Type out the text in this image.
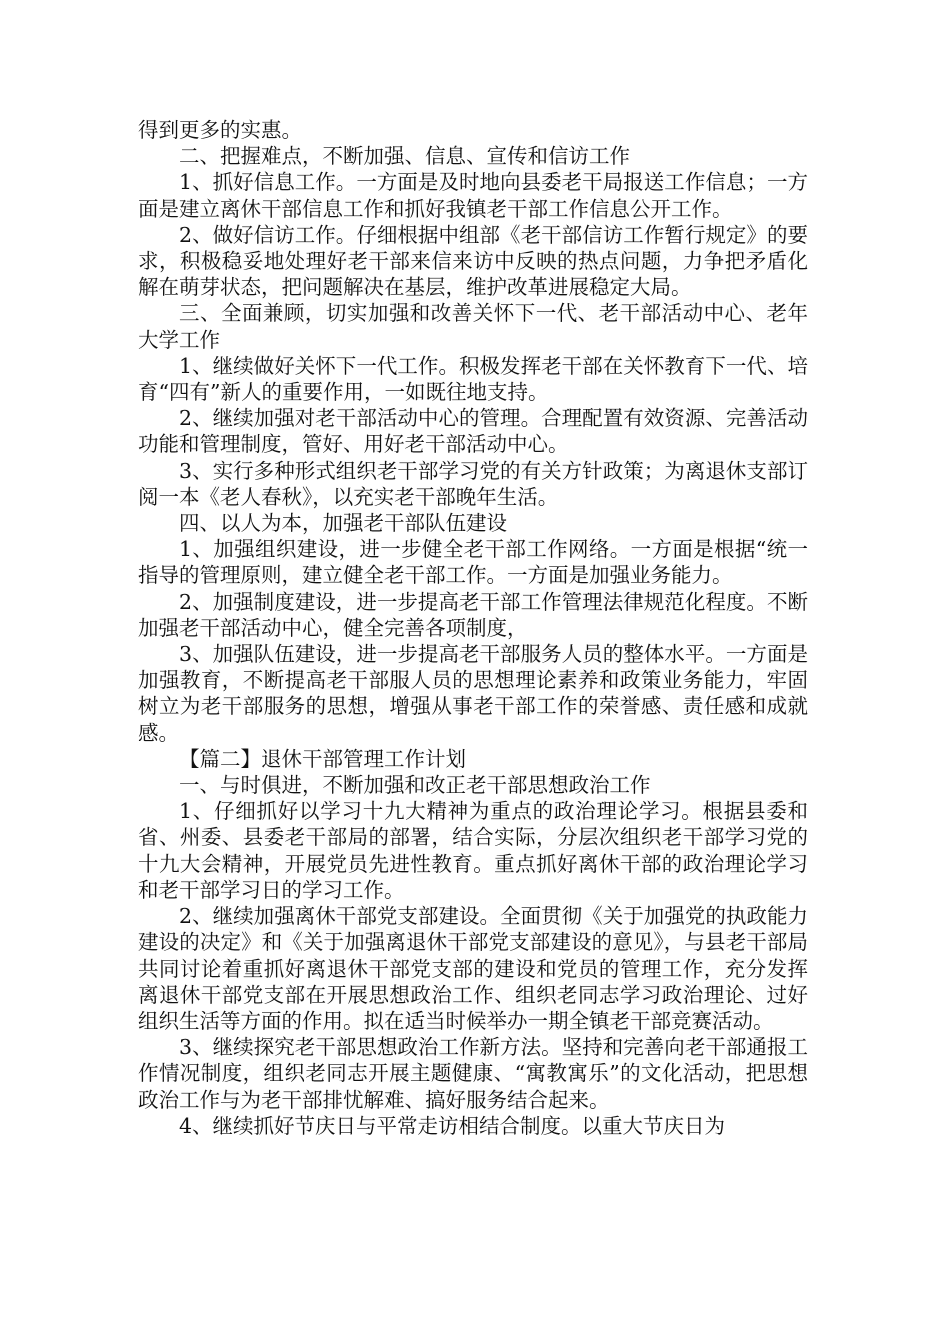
得到更多的实惠。

二、把握难点，不断加强、信息、宣传和信访工作

1、抓好信息工作。一方面是及时地向县委老干局报送工作信息；一方面是建立离休干部信息工作和抓好我镇老干部工作信息公开工作。

2、做好信访工作。仔细根据中组部《老干部信访工作暂行规定》的要求，积极稳妥地处理好老干部来信来访中反映的热点问题，力争把矛盾化解在萌芽状态，把问题解决在基层，维护改革进展稳定大局。

三、全面兼顾，切实加强和改善关怀下一代、老干部活动中心、老年大学工作

1、继续做好关怀下一代工作。积极发挥老干部在关怀教育下一代、培育“四有”新人的重要作用，一如既往地支持。

2、继续加强对老干部活动中心的管理。合理配置有效资源、完善活动功能和管理制度，管好、用好老干部活动中心。

3、实行多种形式组织老干部学习党的有关方针政策；为离退休支部订阅一本《老人春秋》，以充实老干部晚年生活。

四、以人为本，加强老干部队伍建设

1、加强组织建设，进一步健全老干部工作网络。一方面是根据“统一指导的管理原则，建立健全老干部工作。一方面是加强业务能力。

2、加强制度建设，进一步提高老干部工作管理法律规范化程度。不断加强老干部活动中心，健全完善各项制度，

3、加强队伍建设，进一步提高老干部服务人员的整体水平。一方面是加强教育，不断提高老干部服人员的思想理论素养和政策业务能力，牢固树立为老干部服务的思想，增强从事老干部工作的荣誉感、责任感和成就感。

【篇二】退休干部管理工作计划

一、与时俱进，不断加强和改正老干部思想政治工作

1、仔细抓好以学习十九大精神为重点的政治理论学习。根据县委和省、州委、县委老干部局的部署，结合实际，分层次组织老干部学习党的十九大会精神，开展党员先进性教育。重点抓好离休干部的政治理论学习和老干部学习日的学习工作。

2、继续加强离休干部党支部建设。全面贯彻《关于加强党的执政能力建设的决定》和《关于加强离退休干部党支部建设的意见》，与县老干部局共同讨论着重抓好离退休干部党支部的建设和党员的管理工作，充分发挥离退休干部党支部在开展思想政治工作、组织老同志学习政治理论、过好组织生活等方面的作用。拟在适当时候举办一期全镇老干部竞赛活动。

3、继续探究老干部思想政治工作新方法。坚持和完善向老干部通报工作情况制度，组织老同志开展主题健康、“寓教寓乐”的文化活动，把思想政治工作与为老干部排忧解难、搞好服务结合起来。

4、继续抓好节庆日与平常走访相结合制度。以重大节庆日为
